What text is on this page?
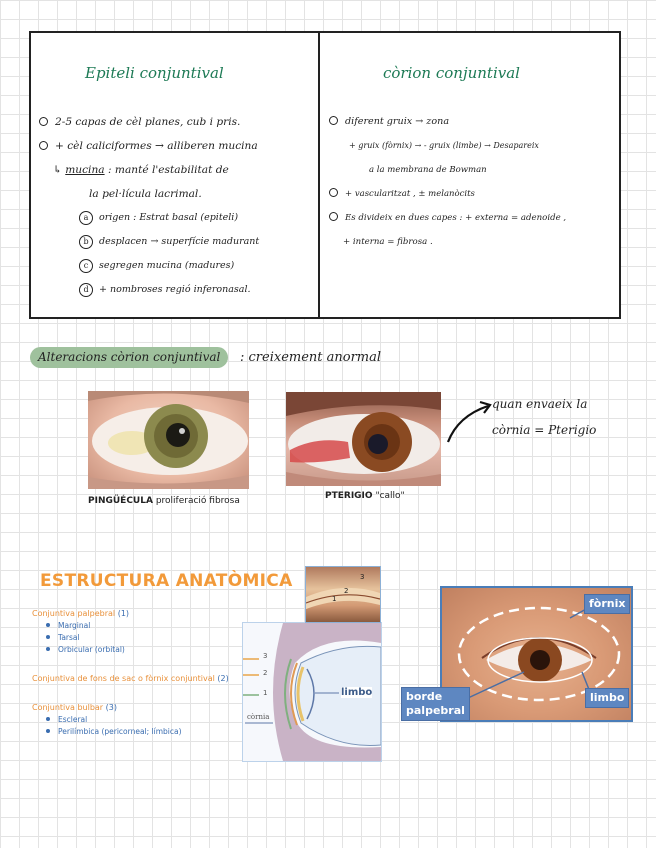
Epiteli conjuntival	còrion conjuntival
2-5 capas de cèl planes, cub i pris.
+ cèl caliciformes → alliberen mucina
↳ mucina : manté l'estabilitat de
la pel·lícula lacrimal.
a origen : Estrat basal (epiteli)
b desplacen → superfície madurant
c segregen mucina (madures)
d + nombroses regió inferonasal.
diferent gruix → zona
+ gruix (fòrnix) → - gruix (limbe) → Desapareix
a la membrana de Bowman
+ vascularitzat , ± melanòcits
Es divideix en dues capes : + externa = adenoide ,
+ interna = fibrosa .
Alteracions còrion conjuntival	: creixement anormal
PINGÜÉCULA proliferació fibrosa	PTERIGIO "callo"
quan envaeix la
còrnia = Pterigio
ESTRUCTURA ANATÒMICA
Conjuntiva palpebral (1)
Marginal
Tarsal
Orbicular (orbital)
Conjuntiva de fons de sac o fòrnix conjuntival (2)
Conjuntiva bulbar (3)
Escleral
Perilímbica (pericorneal; límbica)
3
2
1
còrnia
limbo
3
2
1	fòrnix
limbo
borde
palpebral
